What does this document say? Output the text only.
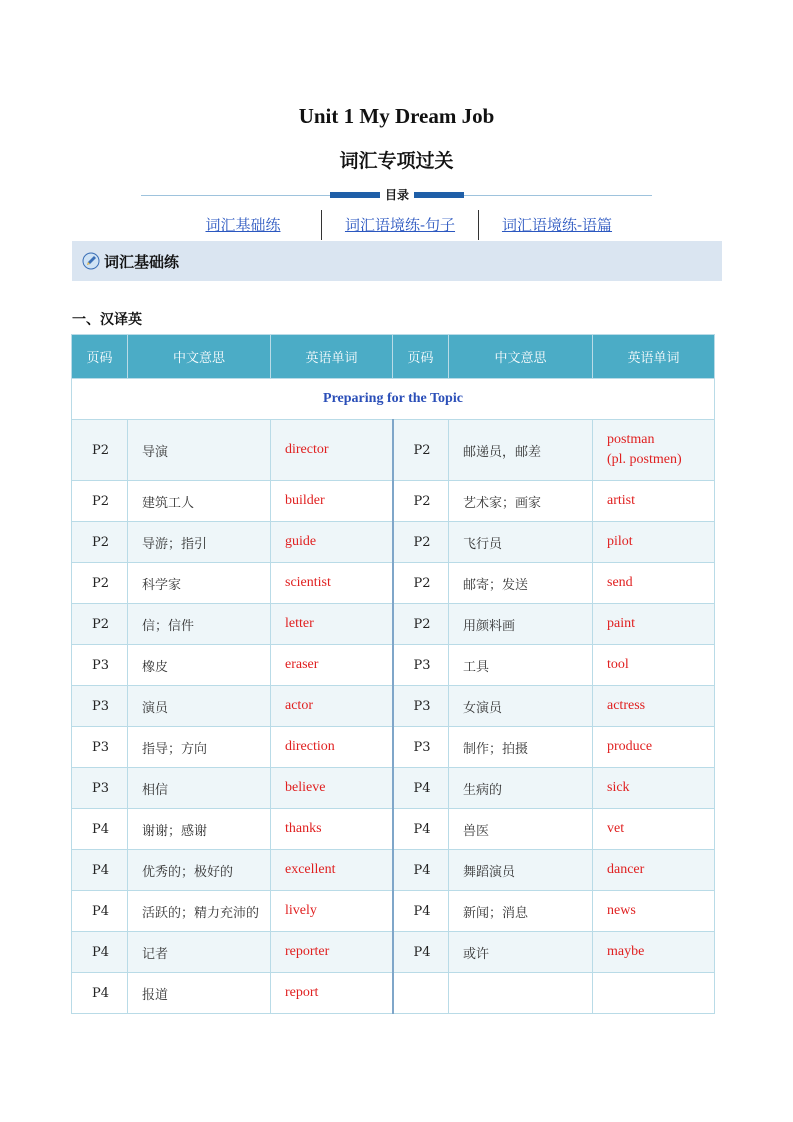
Unit 1 My Dream Job
词汇专项过关
目录
词汇基础练	词汇语境练-句子	词汇语境练-语篇
词汇基础练
一、汉译英
页码	中文意思	英语单词	页码	中文意思	英语单词
Preparing for the Topic					
P2	导演	director	P2	邮递员，邮差	postman
(pl. postmen)

P2	建筑工人	builder	P2	艺术家；画家	artist
P2	导游；指引	guide	P2	飞行员	pilot
P2	科学家	scientist	P2	邮寄；发送	send
P2	信；信件	letter	P2	用颜料画	paint
P3	橡皮	eraser	P3	工具	tool
P3	演员	actor	P3	女演员	actress
P3	指导；方向	direction	P3	制作；拍摄	produce
P3	相信	believe	P4	生病的	sick
P4	谢谢；感谢	thanks	P4	兽医	vet
P4	优秀的；极好的	excellent	P4	舞蹈演员	dancer
P4	活跃的；精力充沛的	lively	P4	新闻；消息	news
P4	记者	reporter	P4	或许	maybe
P4	报道	report			
